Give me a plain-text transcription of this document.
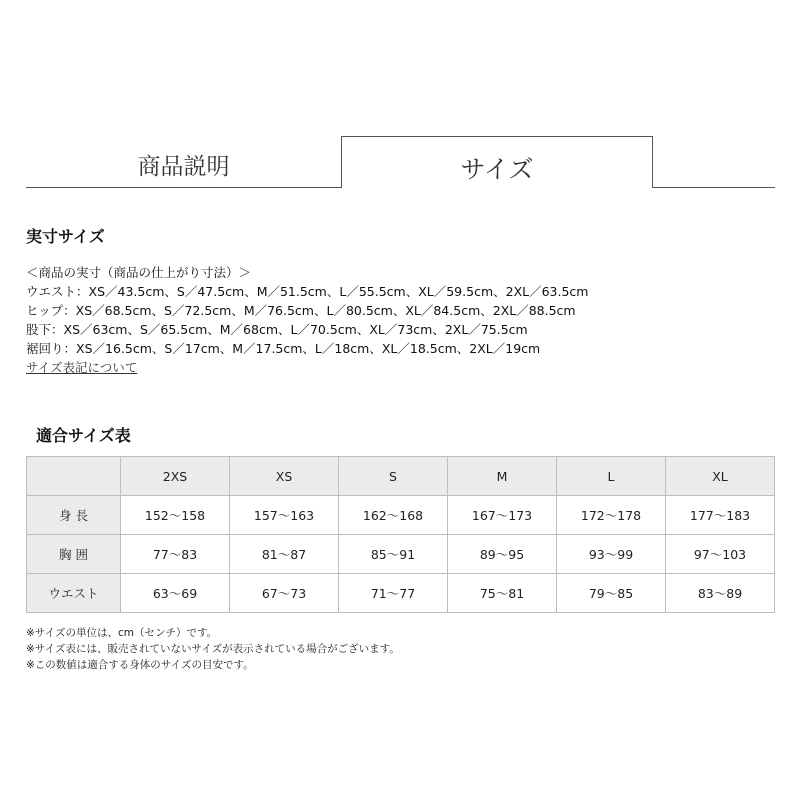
商品説明	サイズ
実寸サイズ
＜商品の実寸（商品の仕上がり寸法）＞
ウエスト：XS／43.5cm、S／47.5cm、M／51.5cm、L／55.5cm、XL／59.5cm、2XL／63.5cm
ヒップ：XS／68.5cm、S／72.5cm、M／76.5cm、L／80.5cm、XL／84.5cm、2XL／88.5cm
股下：XS／63cm、S／65.5cm、M／68cm、L／70.5cm、XL／73cm、2XL／75.5cm
裾回り：XS／16.5cm、S／17cm、M／17.5cm、L／18cm、XL／18.5cm、2XL／19cm
サイズ表記について
適合サイズ表
	2XS	XS	S	M	L	XL
身 長	152～158	157～163	162～168	167～173	172～178	177～183
胸 囲	77～83	81～87	85～91	89～95	93～99	97～103
ウエスト	63～69	67～73	71～77	75～81	79～85	83～89
※サイズの単位は、cm（センチ）です。
※サイズ表には、販売されていないサイズが表示されている場合がございます。
※この数値は適合する身体のサイズの目安です。
